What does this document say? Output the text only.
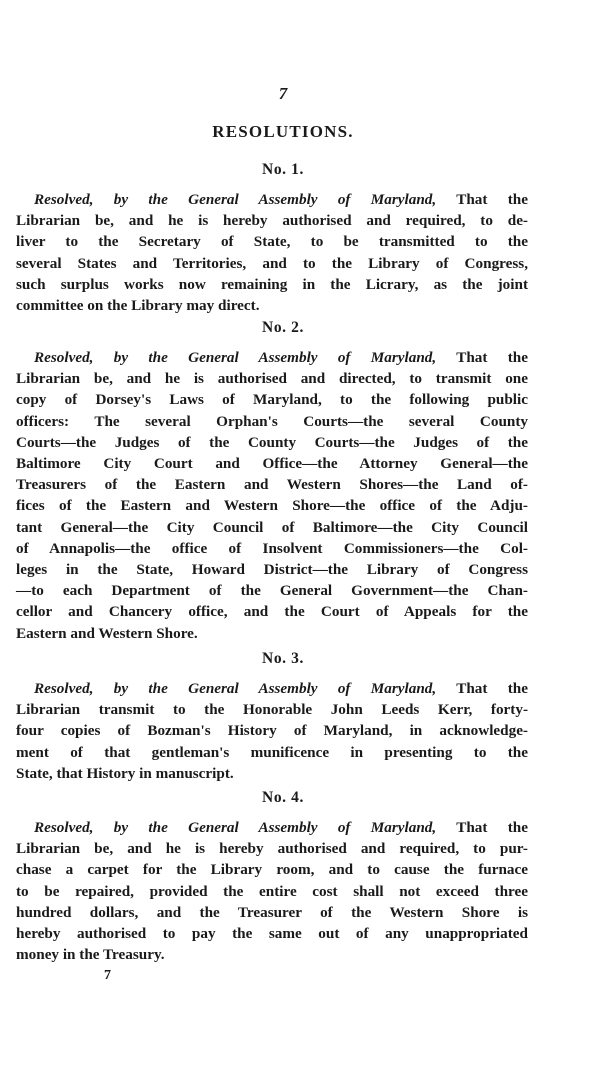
7
RESOLUTIONS.
No. 1.
Resolved, by the General Assembly of Maryland, That the
Librarian be, and he is hereby authorised and required, to de-
liver to the Secretary of State, to be transmitted to the
several States and Territories, and to the Library of Congress,
such surplus works now remaining in the Licrary, as the joint
committee on the Library may direct.
No. 2.
Resolved, by the General Assembly of Maryland, That the
Librarian be, and he is authorised and directed, to transmit one
copy of Dorsey's Laws of Maryland, to the following public
officers: The several Orphan's Courts—the several County
Courts—the Judges of the County Courts—the Judges of the
Baltimore City Court and Office—the Attorney General—the
Treasurers of the Eastern and Western Shores—the Land of-
fices of the Eastern and Western Shore—the office of the Adju-
tant General—the City Council of Baltimore—the City Council
of Annapolis—the office of Insolvent Commissioners—the Col-
leges in the State, Howard District—the Library of Congress
—to each Department of the General Government—the Chan-
cellor and Chancery office, and the Court of Appeals for the
Eastern and Western Shore.
No. 3.
Resolved, by the General Assembly of Maryland, That the
Librarian transmit to the Honorable John Leeds Kerr, forty-
four copies of Bozman's History of Maryland, in acknowledge-
ment of that gentleman's munificence in presenting to the
State, that History in manuscript.
No. 4.
Resolved, by the General Assembly of Maryland, That the
Librarian be, and he is hereby authorised and required, to pur-
chase a carpet for the Library room, and to cause the furnace
to be repaired, provided the entire cost shall not exceed three
hundred dollars, and the Treasurer of the Western Shore is
hereby authorised to pay the same out of any unappropriated
money in the Treasury.
7
